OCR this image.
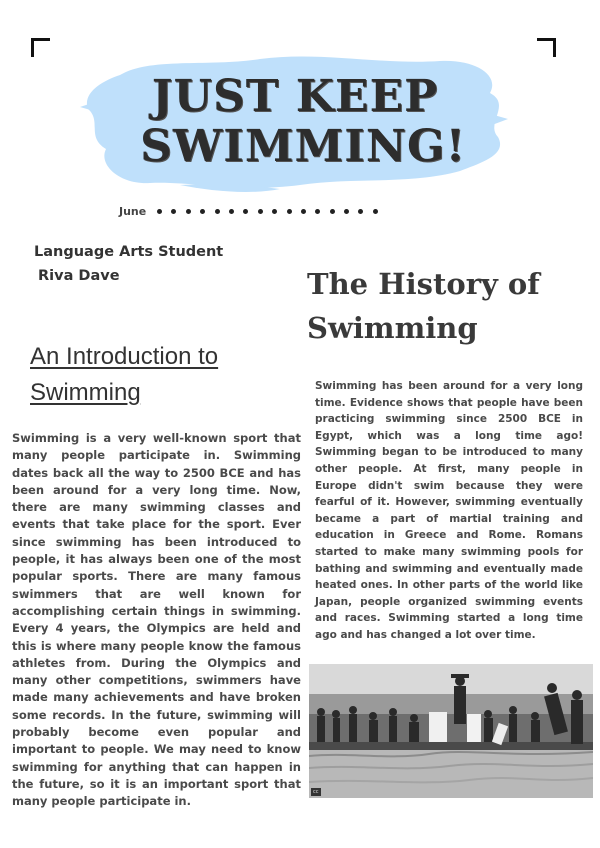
JUST KEEP
SWIMMING!
June
Language Arts Student
Riva Dave	The History of Swimming

Swimming has been around for a very long time. Evidence shows that people have been practicing swimming since 2500 BCE in Egypt, which was a long time ago! Swimming began to be introduced to many other people. At first, many people in Europe didn't swim because they were fearful of it. However, swimming eventually became a part of martial training and education in Greece and Rome. Romans started to make many swimming pools for bathing and swimming and eventually made heated ones. In other parts of the world like Japan, people organized swimming events and races. Swimming started a long time ago and has changed a lot over time.

An Introduction to Swimming

Swimming is a very well-known sport that many people participate in. Swimming dates back all the way to 2500 BCE and has been around for a very long time. Now, there are many swimming classes and events that take place for the sport. Ever since swimming has been introduced to people, it has always been one of the most popular sports. There are many famous swimmers that are well known for accomplishing certain things in swimming. Every 4 years, the Olympics are held and this is where many people know the famous athletes from. During the Olympics and many other competitions, swimmers have made many achievements and have broken some records. In the future, swimming will probably become even popular and important to people. We may need to know swimming for anything that can happen in the future, so it is an important sport that many people participate in.

cc
